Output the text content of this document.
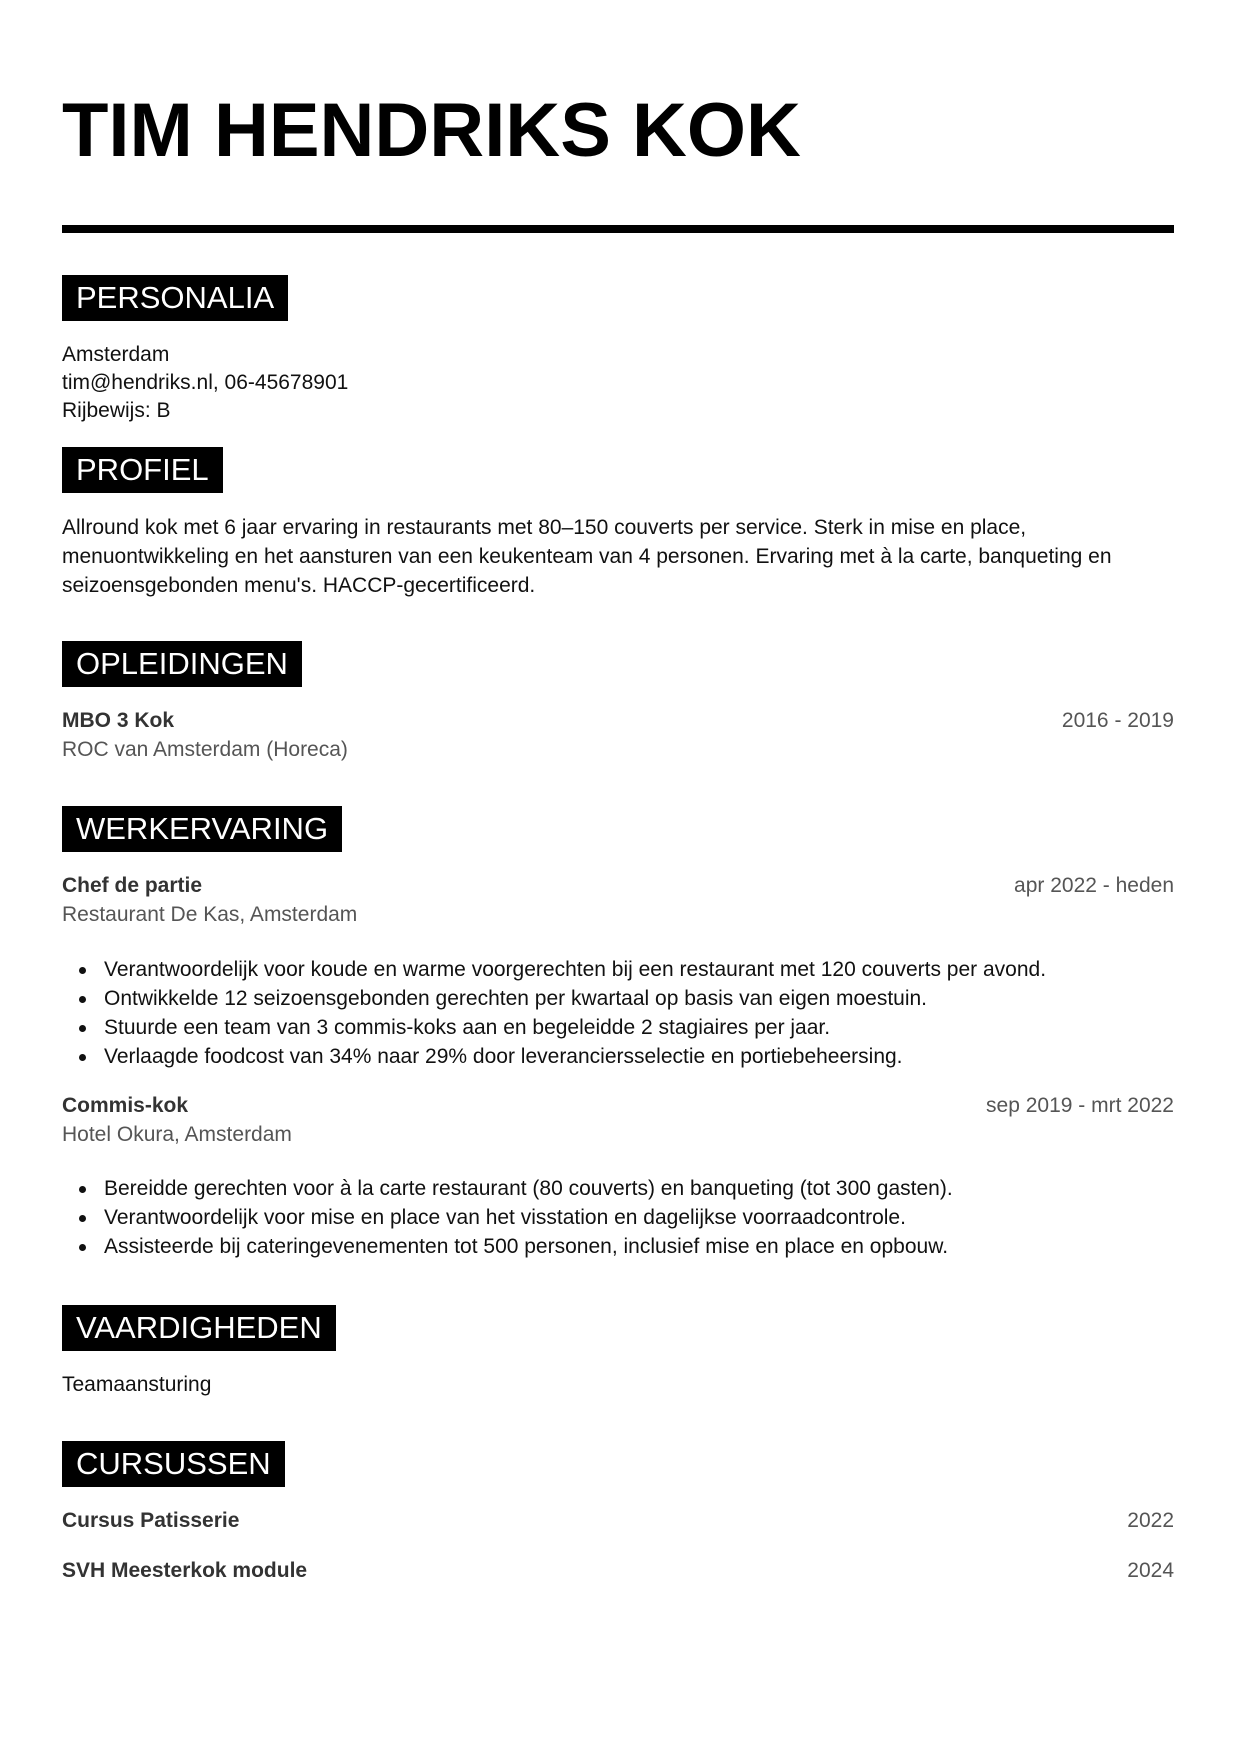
TIM HENDRIKS KOK
PERSONALIA
Amsterdam
tim@hendriks.nl, 06-45678901
Rijbewijs: B
PROFIEL
Allround kok met 6 jaar ervaring in restaurants met 80–150 couverts per service. Sterk in mise en place, menuontwikkeling en het aansturen van een keukenteam van 4 personen. Ervaring met à la carte, banqueting en seizoensgebonden menu's. HACCP-gecertificeerd.
OPLEIDINGEN
MBO 3 Kok	2016 - 2019
ROC van Amsterdam (Horeca)
WERKERVARING
Chef de partie	apr 2022 - heden
Restaurant De Kas, Amsterdam
Verantwoordelijk voor koude en warme voorgerechten bij een restaurant met 120 couverts per avond.
Ontwikkelde 12 seizoensgebonden gerechten per kwartaal op basis van eigen moestuin.
Stuurde een team van 3 commis-koks aan en begeleidde 2 stagiaires per jaar.
Verlaagde foodcost van 34% naar 29% door leveranciersselectie en portiebeheersing.
Commis-kok	sep 2019 - mrt 2022
Hotel Okura, Amsterdam
Bereidde gerechten voor à la carte restaurant (80 couverts) en banqueting (tot 300 gasten).
Verantwoordelijk voor mise en place van het visstation en dagelijkse voorraadcontrole.
Assisteerde bij cateringevenementen tot 500 personen, inclusief mise en place en opbouw.
VAARDIGHEDEN
Teamaansturing
CURSUSSEN
Cursus Patisserie	2022
SVH Meesterkok module	2024
